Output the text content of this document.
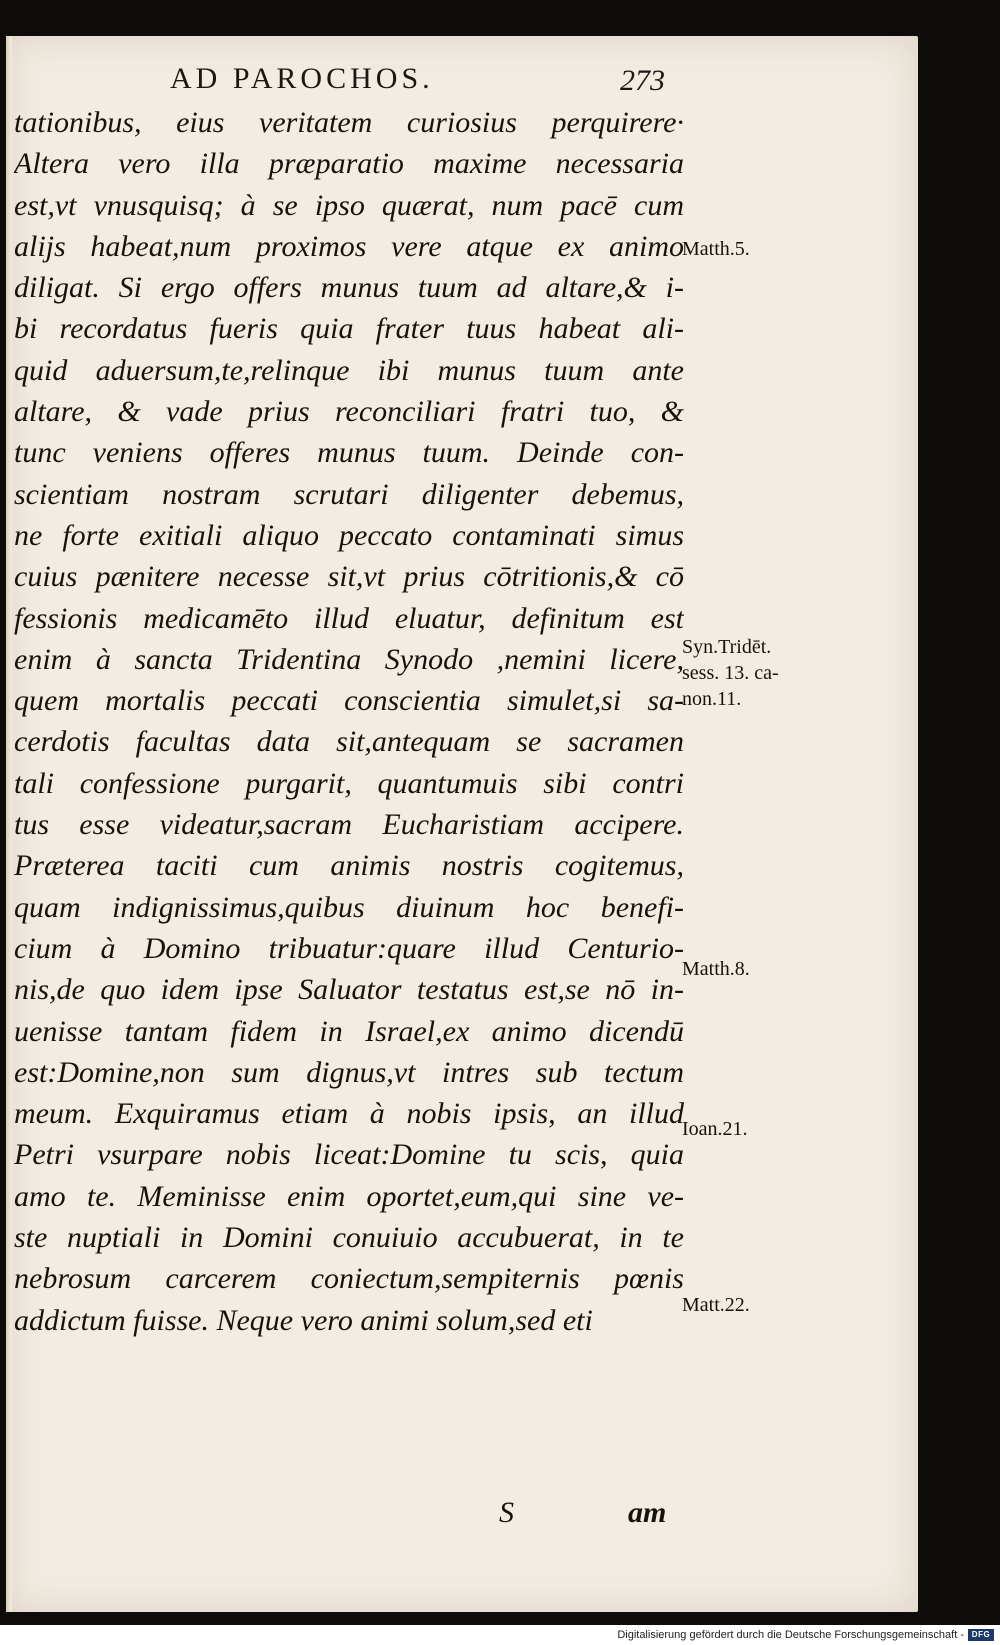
AD PAROCHOS.	273
tationibus, eius veritatem curiosius perquirere·
Altera vero illa præparatio maxime necessaria
est,vt vnusquisq; à se ipso quærat, num pacē cum
alijs habeat,num proximos vere atque ex animo
diligat. Si ergo offers munus tuum ad altare,& i-
bi recordatus fueris quia frater tuus habeat ali-
quid aduersum,te,relinque ibi munus tuum ante
altare, & vade prius reconciliari fratri tuo, &
tunc veniens offeres munus tuum. Deinde con-
scientiam nostram scrutari diligenter debemus,
ne forte exitiali aliquo peccato contaminati simus
cuius pænitere necesse sit,vt prius cōtritionis,& cō
fessionis medicamēto illud eluatur, definitum est
enim à sancta Tridentina Synodo ,nemini licere,
quem mortalis peccati conscientia simulet,si sa-
cerdotis facultas data sit,antequam se sacramen
tali confessione purgarit, quantumuis sibi contri
tus esse videatur,sacram Eucharistiam accipere.
Præterea taciti cum animis nostris cogitemus,
quam indignissimus,quibus diuinum hoc benefi-
cium à Domino tribuatur:quare illud Centurio-
nis,de quo idem ipse Saluator testatus est,se nō in-
uenisse tantam fidem in Israel,ex animo dicendū
est:Domine,non sum dignus,vt intres sub tectum
meum. Exquiramus etiam à nobis ipsis, an illud
Petri vsurpare nobis liceat:Domine tu scis, quia
amo te. Meminisse enim oportet,eum,qui sine ve-
ste nuptiali in Domini conuiuio accubuerat, in te
nebrosum carcerem coniectum,sempiternis pœnis
addictum fuisse. Neque vero animi solum,sed eti
S	am
Matth.5.
Syn.Tridēt. sess. 13. ca- non.11.
Matth.8.
Ioan.21.
Matt.22.
Digitalisierung gefördert durch die Deutsche Forschungsgemeinschaft - DFG
